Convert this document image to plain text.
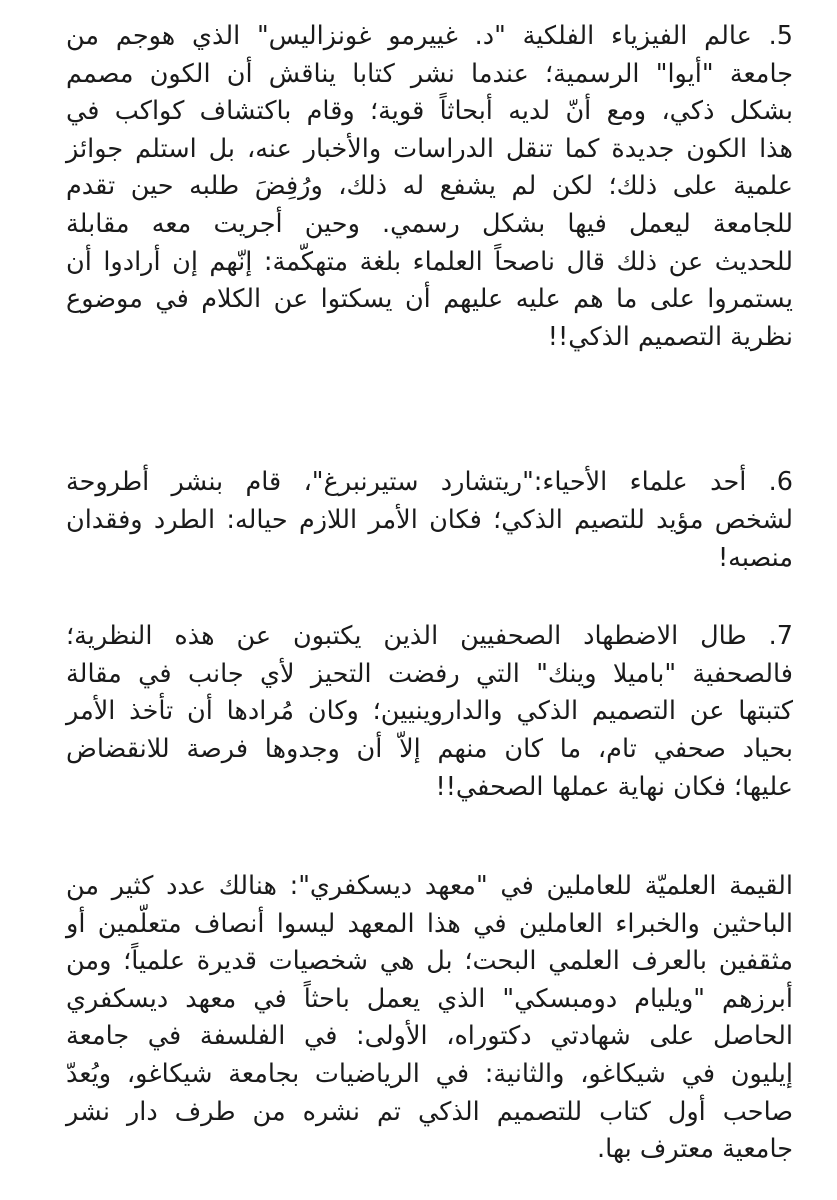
5. عالم الفيزياء الفلكية "د. غييرمو غونزاليس" الذي هوجم من
جامعة "أيوا" الرسمية؛ عندما نشر كتابا يناقش أن الكون مصمم
بشكل ذكي، ومع أنّ لديه أبحاثاً قوية؛ وقام باكتشاف كواكب في
هذا الكون جديدة كما تنقل الدراسات والأخبار عنه، بل استلم جوائز
علمية على ذلك؛ لكن لم يشفع له ذلك، ورُفِضَ طلبه حين تقدم
للجامعة ليعمل فيها بشكل رسمي. وحين أجريت معه مقابلة
للحديث عن ذلك قال ناصحاً العلماء بلغة متهكّمة: إنّهم إن أرادوا أن
يستمروا على ما هم عليه عليهم أن يسكتوا عن الكلام في موضوع
نظرية التصميم الذكي!!

6. أحد علماء الأحياء:"ريتشارد ستيرنبرغ"، قام بنشر أطروحة
لشخص مؤيد للتصيم الذكي؛ فكان الأمر اللازم حياله: الطرد وفقدان
منصبه!

7. طال الاضطهاد الصحفيين الذين يكتبون عن هذه النظرية؛
فالصحفية "باميلا وينك" التي رفضت التحيز لأي جانب في مقالة
كتبتها عن التصميم الذكي والداروينيين؛ وكان مُرادها أن تأخذ الأمر
بحياد صحفي تام، ما كان منهم إلاّ أن وجدوها فرصة للانقضاض
عليها؛ فكان نهاية عملها الصحفي!!

القيمة العلميّة للعاملين في "معهد ديسكفري": هنالك عدد كثير من
الباحثين والخبراء العاملين في هذا المعهد ليسوا أنصاف متعلّمين أو
مثقفين بالعرف العلمي البحت؛ بل هي شخصيات قديرة علمياً؛ ومن
أبرزهم "ويليام دومبسكي" الذي يعمل باحثاً في معهد ديسكفري
الحاصل على شهادتي دكتوراه، الأولى: في الفلسفة في جامعة
إيليون في شيكاغو، والثانية: في الرياضيات بجامعة شيكاغو، ويُعدّ
صاحب أول كتاب للتصميم الذكي تم نشره من طرف دار نشر
جامعية معترف بها.
